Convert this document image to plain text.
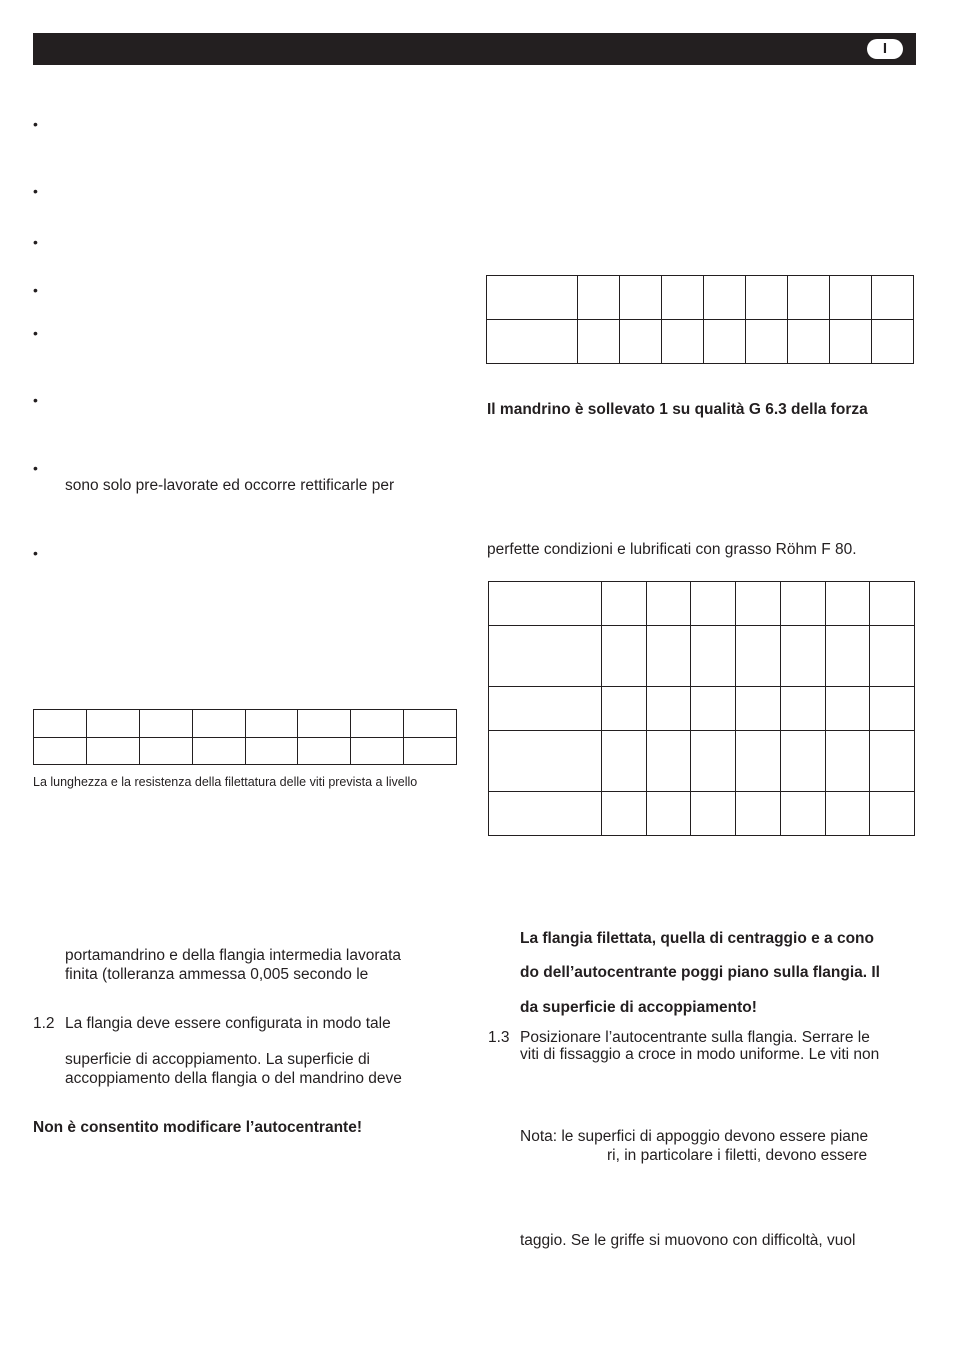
I
•
•
•
•
•
•
•
sono solo pre-lavorate ed occorre rettificarle per
•

La lunghezza e la resistenza della filettatura delle viti prevista a livello
portamandrino e della flangia intermedia lavorata
finita (tolleranza ammessa 0,005 secondo le
1.2 La flangia deve essere configurata in modo tale
superficie di accoppiamento. La superficie di
accoppiamento della flangia o del mandrino deve
Non è consentito modificare l’autocentrante!

Il mandrino è sollevato 1 su qualità G 6.3 della forza
perfette condizioni e lubrificati con grasso Röhm F 80.

La flangia filettata, quella di centraggio e a cono
do dell’autocentrante poggi piano sulla flangia. Il
da superficie di accoppiamento!
1.3 Posizionare l’autocentrante sulla flangia. Serrare le
viti di fissaggio a croce in modo uniforme. Le viti non
Nota: le superfici di appoggio devono essere piane
ri, in particolare i filetti, devono essere
taggio. Se le griffe si muovono con difficoltà, vuol
